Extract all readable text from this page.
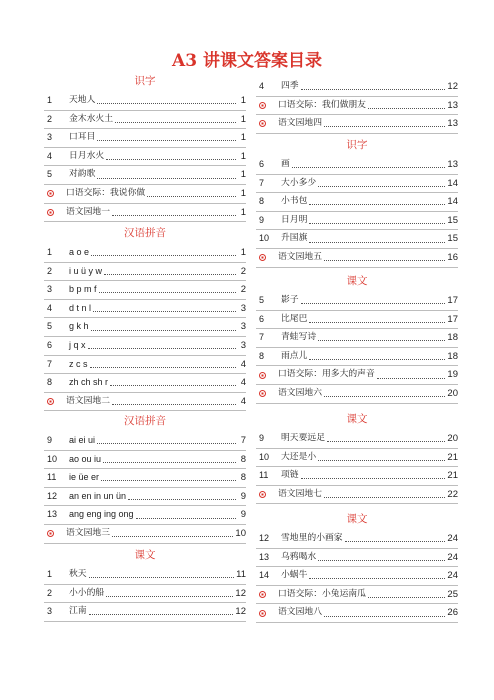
A3 讲课文答案目录
识字
1	天地人	1
2	金木水火土	1
3	口耳目	1
4	日月水火	1
5	对韵歌	1
口语交际：我说你做	1
语文园地一	1
汉语拼音
1	a o e	1
2	i u ü y w	2
3	b p m f	2
4	d t n l	3
5	g k h	3
6	j q x	3
7	z c s	4
8	zh ch sh r	4
语文园地二	4
汉语拼音
9	ai ei ui	7
10	ao ou iu	8
11	ie üe er	8
12	an en in un ün	9
13	ang eng ing ong	9
语文园地三	10
课文
1	秋天	11
2	小小的船	12
3	江南	12
4	四季	12
口语交际：我们做朋友	13
语文园地四	13
识字
6	画	13
7	大小多少	14
8	小书包	14
9	日月明	15
10	升国旗	15
语文园地五	16
课文
5	影子	17
6	比尾巴	17
7	青蛙写诗	18
8	雨点儿	18
口语交际：用多大的声音	19
语文园地六	20
课文
9	明天要远足	20
10	大还是小	21
11	项链	21
语文园地七	22
课文
12	雪地里的小画家	24
13	乌鸦喝水	24
14	小蜗牛	24
口语交际：小兔运南瓜	25
语文园地八	26
